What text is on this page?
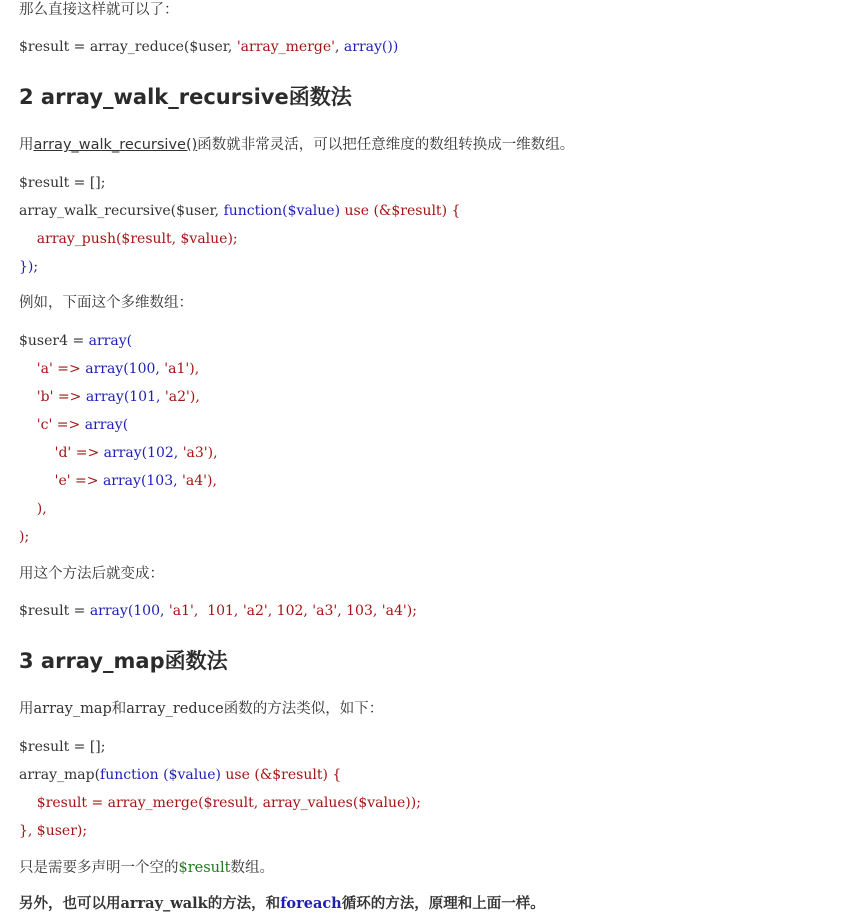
那么直接这样就可以了：
$result = array_reduce($user, 'array_merge', array())
2 array_walk_recursive函数法
用array_walk_recursive()函数就非常灵活，可以把任意维度的数组转换成一维数组。
$result = [];
array_walk_recursive($user, function($value) use (&$result) {
array_push($result, $value);
});
例如，下面这个多维数组：
$user4 = array(
'a' => array(100, 'a1'),
'b' => array(101, 'a2'),
'c' => array(
'd' => array(102, 'a3'),
'e' => array(103, 'a4'),
),
);
用这个方法后就变成：
$result = array(100, 'a1',  101, 'a2', 102, 'a3', 103, 'a4');
3 array_map函数法
用array_map和array_reduce函数的方法类似，如下：
$result = [];
array_map(function ($value) use (&$result) {
$result = array_merge($result, array_values($value));
}, $user);
只是需要多声明一个空的$result数组。
另外，也可以用array_walk的方法，和foreach循环的方法，原理和上面一样。
